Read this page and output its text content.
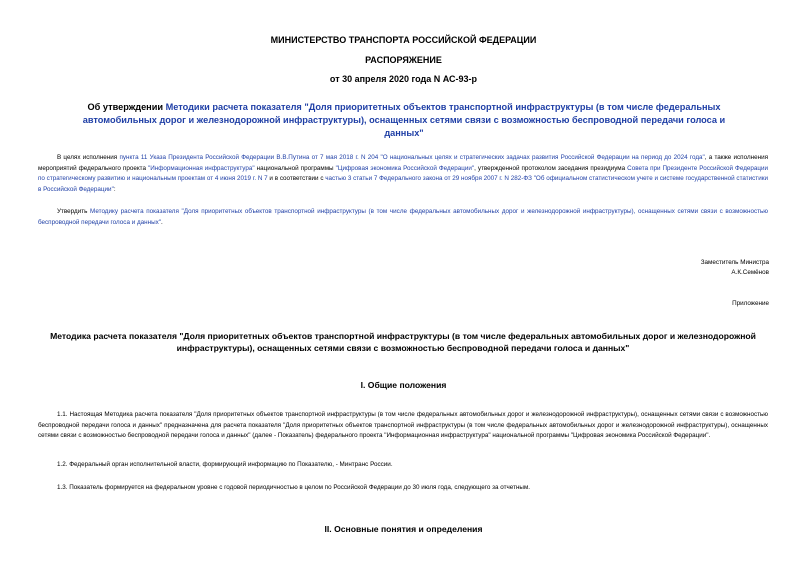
МИНИСТЕРСТВО ТРАНСПОРТА РОССИЙСКОЙ ФЕДЕРАЦИИ
РАСПОРЯЖЕНИЕ
от 30 апреля 2020 года N АС-93-р
Об утверждении Методики расчета показателя "Доля приоритетных объектов транспортной инфраструктуры (в том числе федеральных автомобильных дорог и железнодорожной инфраструктуры), оснащенных сетями связи с возможностью беспроводной передачи голоса и данных"
В целях исполнения пункта 11 Указа Президента Российской Федерации В.В.Путина от 7 мая 2018 г. N 204 "О национальных целях и стратегических задачах развития Российской Федерации на период до 2024 года", а также исполнения мероприятий федерального проекта "Информационная инфраструктура" национальной программы "Цифровая экономика Российской Федерации", утвержденной протоколом заседания президиума Совета при Президенте Российской Федерации по стратегическому развитию и национальным проектам от 4 июня 2019 г. N 7 и в соответствии с частью 3 статьи 7 Федерального закона от 29 ноября 2007 г. N 282-ФЗ "Об официальном статистическом учете и системе государственной статистики в Российской Федерации":
Утвердить Методику расчета показателя "Доля приоритетных объектов транспортной инфраструктуры (в том числе федеральных автомобильных дорог и железнодорожной инфраструктуры), оснащенных сетями связи с возможностью беспроводной передачи голоса и данных".
Заместитель Министра
А.К.Семёнов
Приложение
Методика расчета показателя "Доля приоритетных объектов транспортной инфраструктуры (в том числе федеральных автомобильных дорог и железнодорожной инфраструктуры), оснащенных сетями связи с возможностью беспроводной передачи голоса и данных"
I. Общие положения
1.1. Настоящая Методика расчета показателя "Доля приоритетных объектов транспортной инфраструктуры (в том числе федеральных автомобильных дорог и железнодорожной инфраструктуры), оснащенных сетями связи с возможностью беспроводной передачи голоса и данных" предназначена для расчета показателя "Доля приоритетных объектов транспортной инфраструктуры (в том числе федеральных автомобильных дорог и железнодорожной инфраструктуры), оснащенных сетями связи с возможностью беспроводной передачи голоса и данных" (далее - Показатель) федерального проекта "Информационная инфраструктура" национальной программы "Цифровая экономика Российской Федерации".
1.2. Федеральный орган исполнительной власти, формирующий информацию по Показателю, - Минтранс России.
1.3. Показатель формируется на федеральном уровне с годовой периодичностью в целом по Российской Федерации до 30 июля года, следующего за отчетным.
II. Основные понятия и определения
